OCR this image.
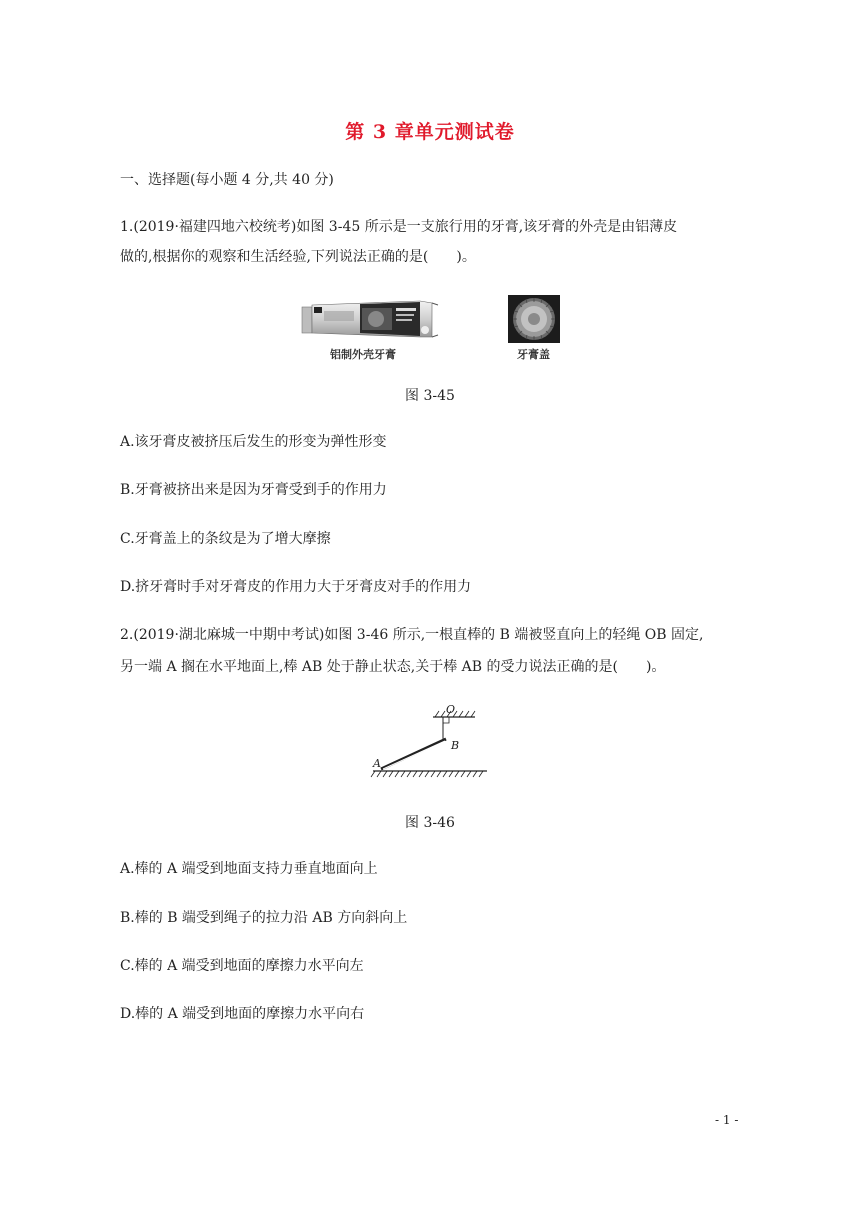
第 3 章单元测试卷
一、选择题(每小题 4 分,共 40 分)
1.(2019·福建四地六校统考)如图 3-45 所示是一支旅行用的牙膏,该牙膏的外壳是由铝薄皮
做的,根据你的观察和生活经验,下列说法正确的是(　　)。
铝制外壳牙膏	牙膏盖
图 3-45
A.该牙膏皮被挤压后发生的形变为弹性形变
B.牙膏被挤出来是因为牙膏受到手的作用力
C.牙膏盖上的条纹是为了增大摩擦
D.挤牙膏时手对牙膏皮的作用力大于牙膏皮对手的作用力
2.(2019·湖北麻城一中期中考试)如图 3-46 所示,一根直棒的 B 端被竖直向上的轻绳 OB 固定,
另一端 A 搁在水平地面上,棒 AB 处于静止状态,关于棒 AB 的受力说法正确的是(　　)。
O
B
A
图 3-46
A.棒的 A 端受到地面支持力垂直地面向上
B.棒的 B 端受到绳子的拉力沿 AB 方向斜向上
C.棒的 A 端受到地面的摩擦力水平向左
D.棒的 A 端受到地面的摩擦力水平向右
- 1 -
